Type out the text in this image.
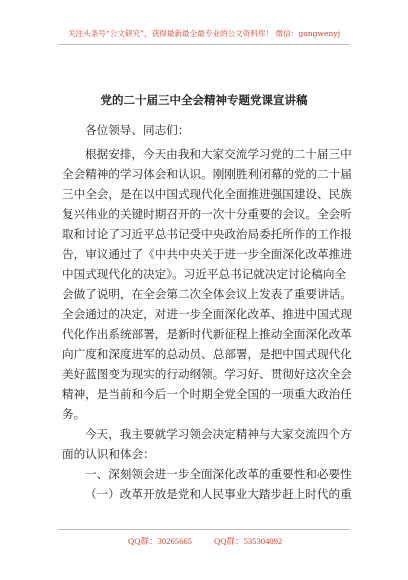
关注头条号“公文研究”，获得最新最全最专业的公文资料库！ 微信：gongwenyj
党的二十届三中全会精神专题党课宣讲稿
各位领导、同志们：
根据安排，今天由我和大家交流学习党的二十届三中
全会精神的学习体会和认识。刚刚胜利闭幕的党的二十届
三中全会，是在以中国式现代化全面推进强国建设、民族
复兴伟业的关键时期召开的一次十分重要的会议。全会听
取和讨论了习近平总书记受中央政治局委托所作的工作报
告，审议通过了《中共中央关于进一步全面深化改革推进
中国式现代化的决定》。习近平总书记就决定讨论稿向全
会做了说明，在全会第二次全体会议上发表了重要讲话。
全会通过的决定，对进一步全面深化改革、推进中国式现
代化作出系统部署，是新时代新征程上推动全面深化改革
向广度和深度进军的总动员、总部署，是把中国式现代化
美好蓝图变为现实的行动纲领。学习好、贯彻好这次全会
精神，是当前和今后一个时期全党全国的一项重大政治任
务。
今天，我主要就学习领会决定精神与大家交流四个方
面的认识和体会：
一、深刻领会进一步全面深化改革的重要性和必要性
（一）改革开放是党和人民事业大踏步赶上时代的重
QQ群：30265665	QQ群：535304092
